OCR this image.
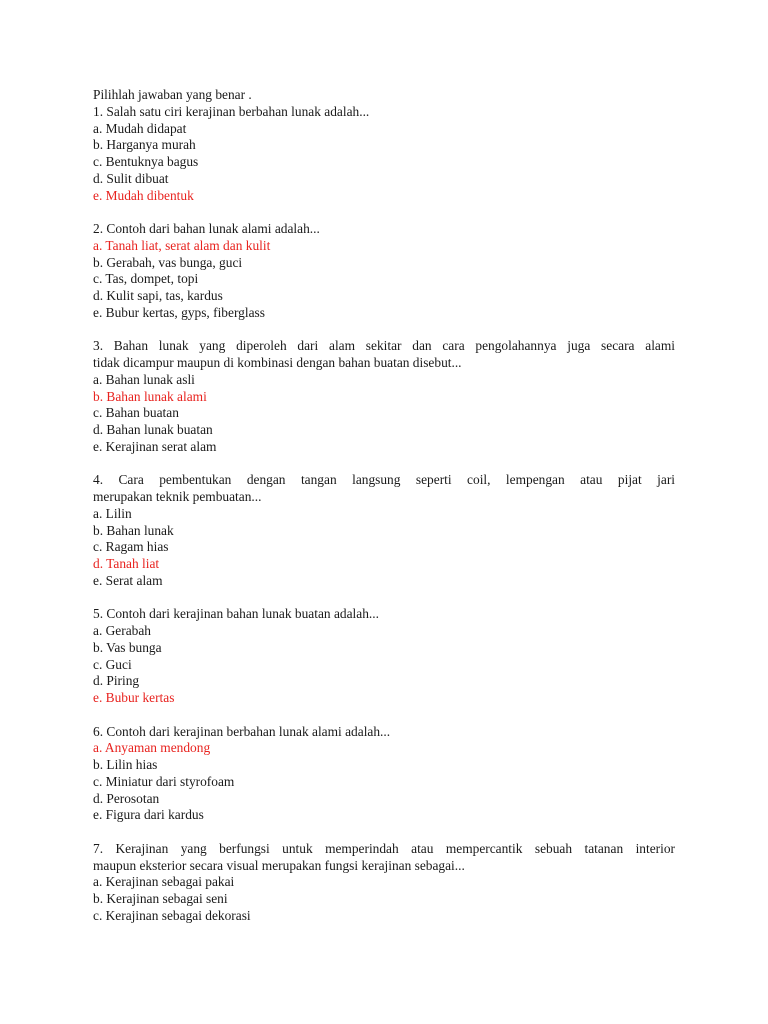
Pilihlah jawaban yang benar .
1. Salah satu ciri kerajinan berbahan lunak adalah...
a. Mudah didapat
b. Harganya murah
c. Bentuknya bagus
d. Sulit dibuat
e. Mudah dibentuk
2. Contoh dari bahan lunak alami adalah...
a. Tanah liat, serat alam dan kulit
b. Gerabah, vas bunga, guci
c. Tas, dompet, topi
d. Kulit sapi, tas, kardus
e. Bubur kertas, gyps, fiberglass
3. Bahan lunak yang diperoleh dari alam sekitar dan cara pengolahannya juga secara alami
tidak dicampur maupun di kombinasi dengan bahan buatan disebut...
a. Bahan lunak asli
b. Bahan lunak alami
c. Bahan buatan
d. Bahan lunak buatan
e. Kerajinan serat alam
4. Cara pembentukan dengan tangan langsung seperti coil, lempengan atau pijat jari
merupakan teknik pembuatan...
a. Lilin
b. Bahan lunak
c. Ragam hias
d. Tanah liat
e. Serat alam
5. Contoh dari kerajinan bahan lunak buatan adalah...
a. Gerabah
b. Vas bunga
c. Guci
d. Piring
e. Bubur kertas
6. Contoh dari kerajinan berbahan lunak alami adalah...
a. Anyaman mendong
b. Lilin hias
c. Miniatur dari styrofoam
d. Perosotan
e. Figura dari kardus
7. Kerajinan yang berfungsi untuk memperindah atau mempercantik sebuah tatanan interior
maupun eksterior secara visual merupakan fungsi kerajinan sebagai...
a. Kerajinan sebagai pakai
b. Kerajinan sebagai seni
c. Kerajinan sebagai dekorasi
